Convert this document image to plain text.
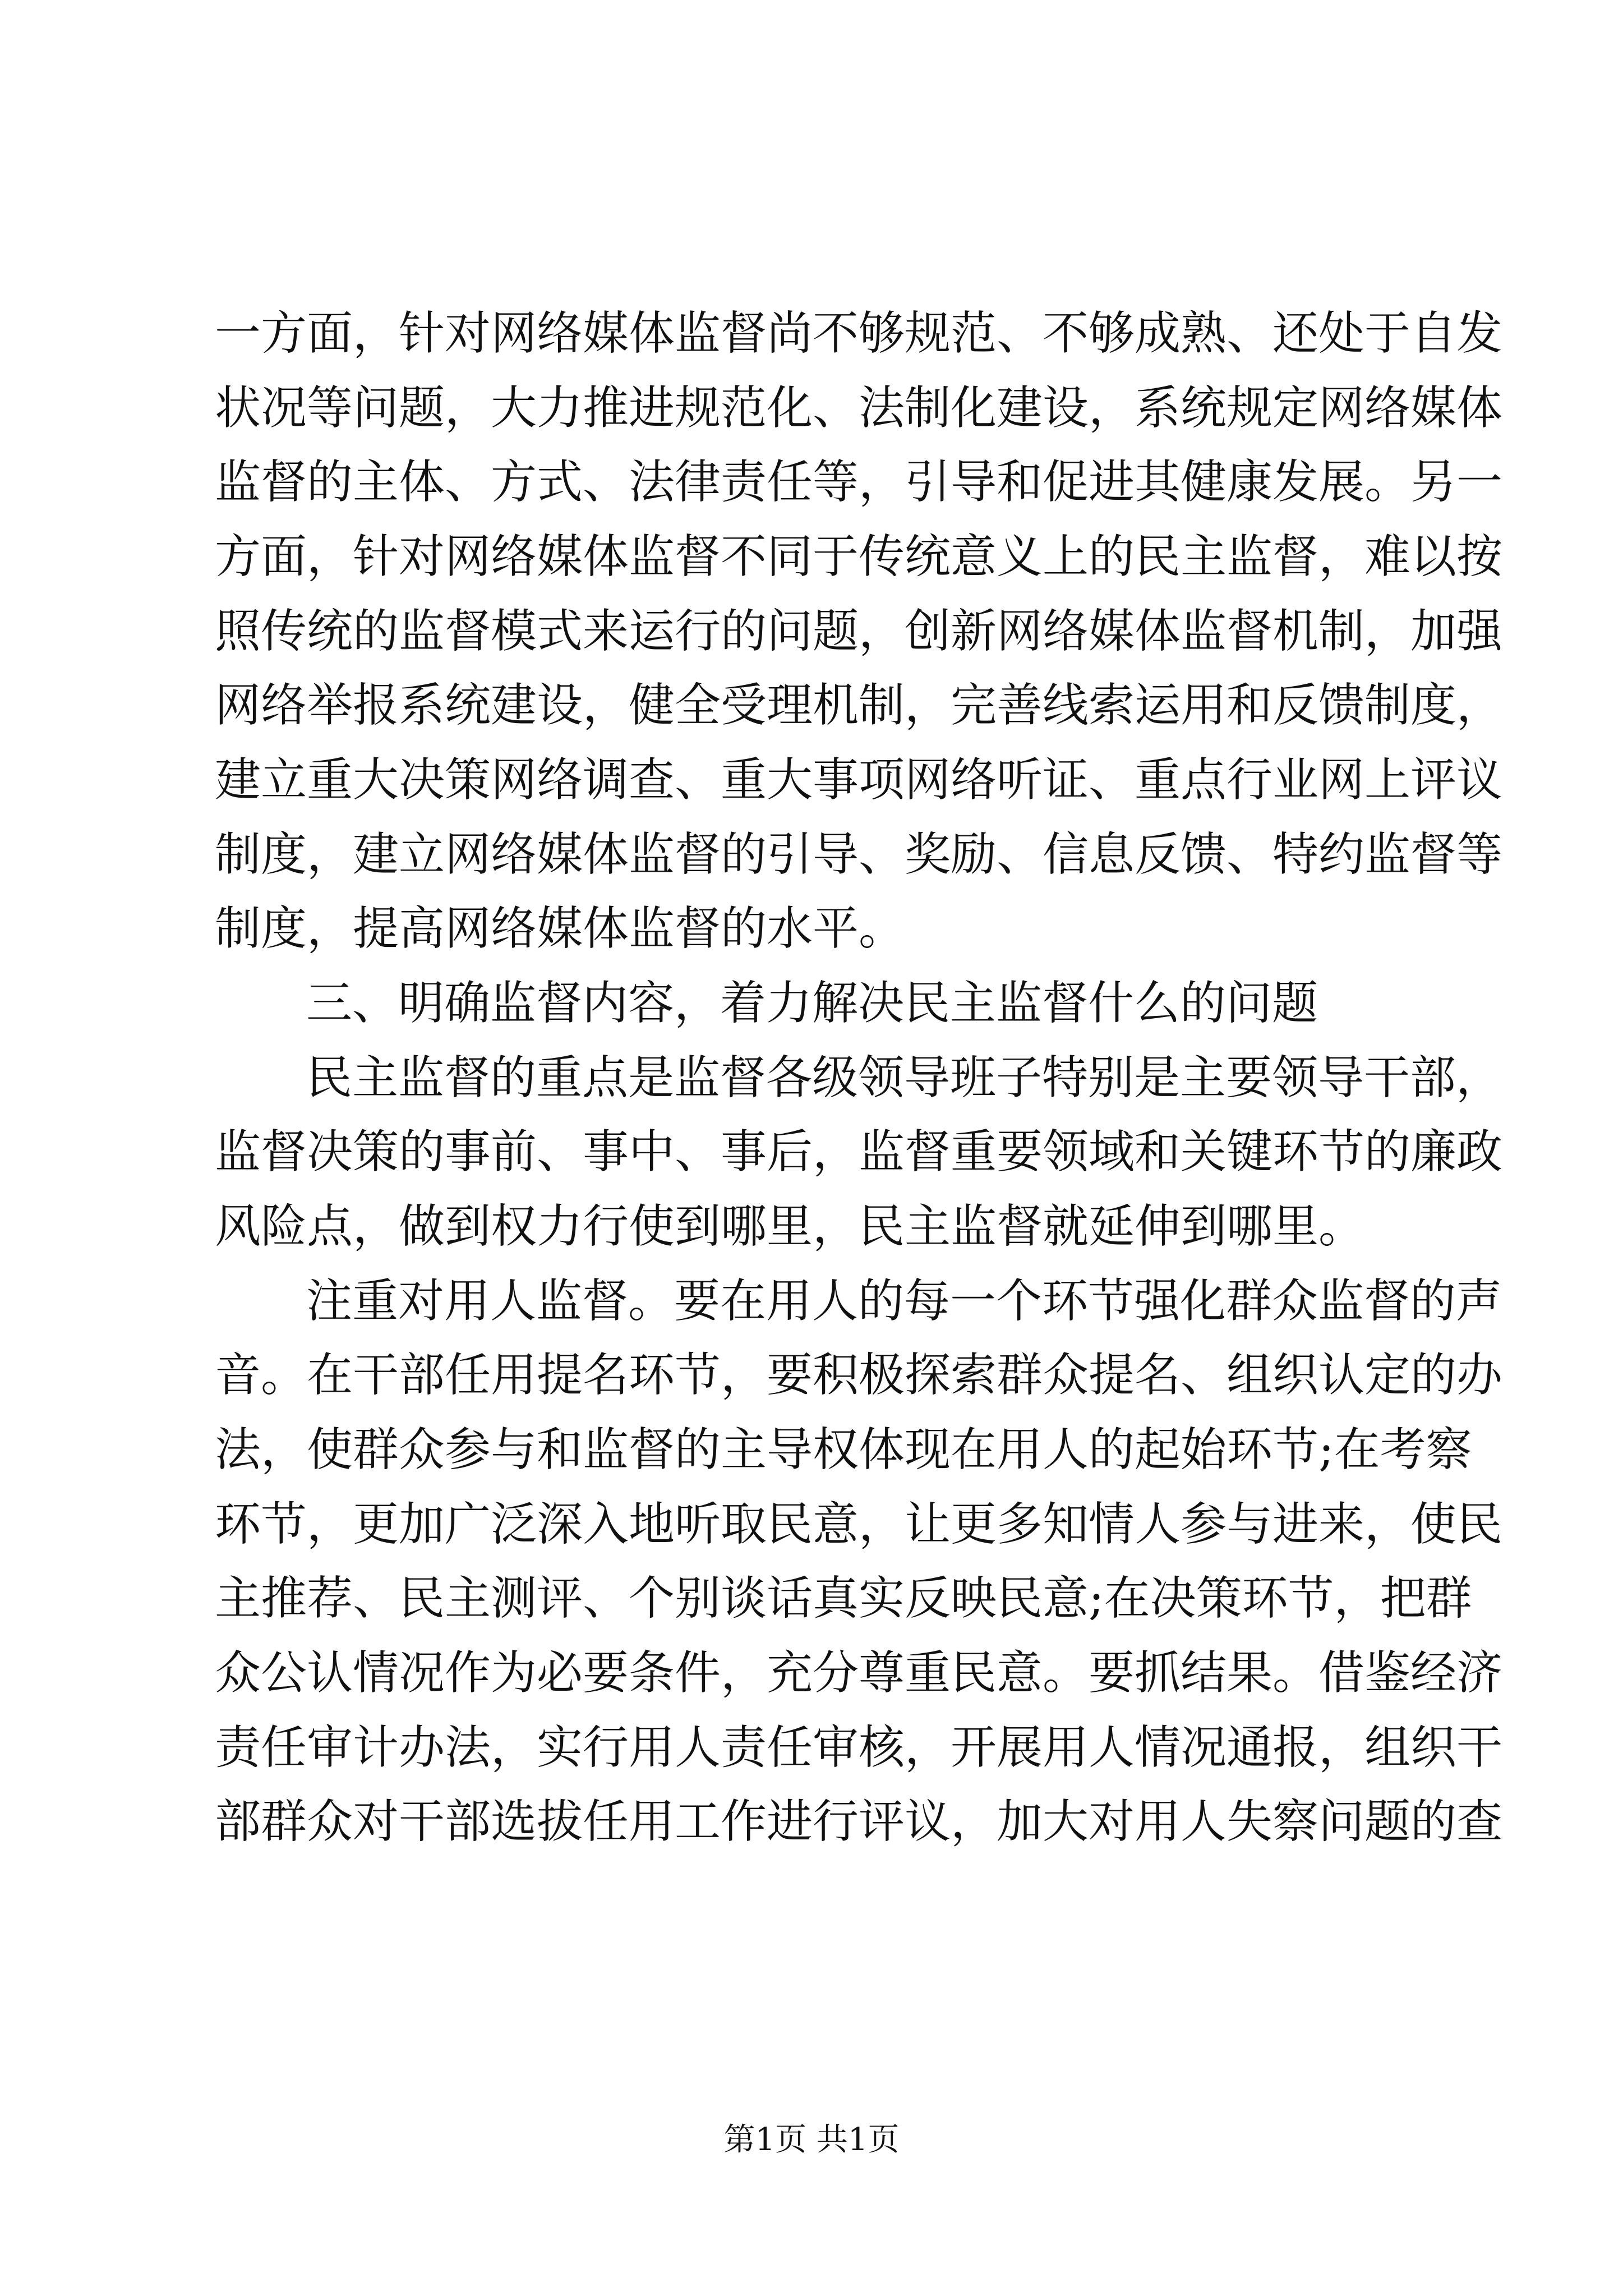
一方面，针对网络媒体监督尚不够规范、不够成熟、还处于自发
状况等问题，大力推进规范化、法制化建设，系统规定网络媒体
监督的主体、方式、法律责任等，引导和促进其健康发展。另一
方面，针对网络媒体监督不同于传统意义上的民主监督，难以按
照传统的监督模式来运行的问题，创新网络媒体监督机制，加强
网络举报系统建设，健全受理机制，完善线索运用和反馈制度，
建立重大决策网络调查、重大事项网络听证、重点行业网上评议
制度，建立网络媒体监督的引导、奖励、信息反馈、特约监督等
制度，提高网络媒体监督的水平。
三、明确监督内容，着力解决民主监督什么的问题
民主监督的重点是监督各级领导班子特别是主要领导干部，
监督决策的事前、事中、事后，监督重要领域和关键环节的廉政
风险点，做到权力行使到哪里，民主监督就延伸到哪里。
注重对用人监督。要在用人的每一个环节强化群众监督的声
音。在干部任用提名环节，要积极探索群众提名、组织认定的办
法，使群众参与和监督的主导权体现在用人的起始环节;在考察
环节，更加广泛深入地听取民意，让更多知情人参与进来，使民
主推荐、民主测评、个别谈话真实反映民意;在决策环节，把群
众公认情况作为必要条件，充分尊重民意。要抓结果。借鉴经济
责任审计办法，实行用人责任审核，开展用人情况通报，组织干
部群众对干部选拔任用工作进行评议，加大对用人失察问题的查
第1页 共1页
